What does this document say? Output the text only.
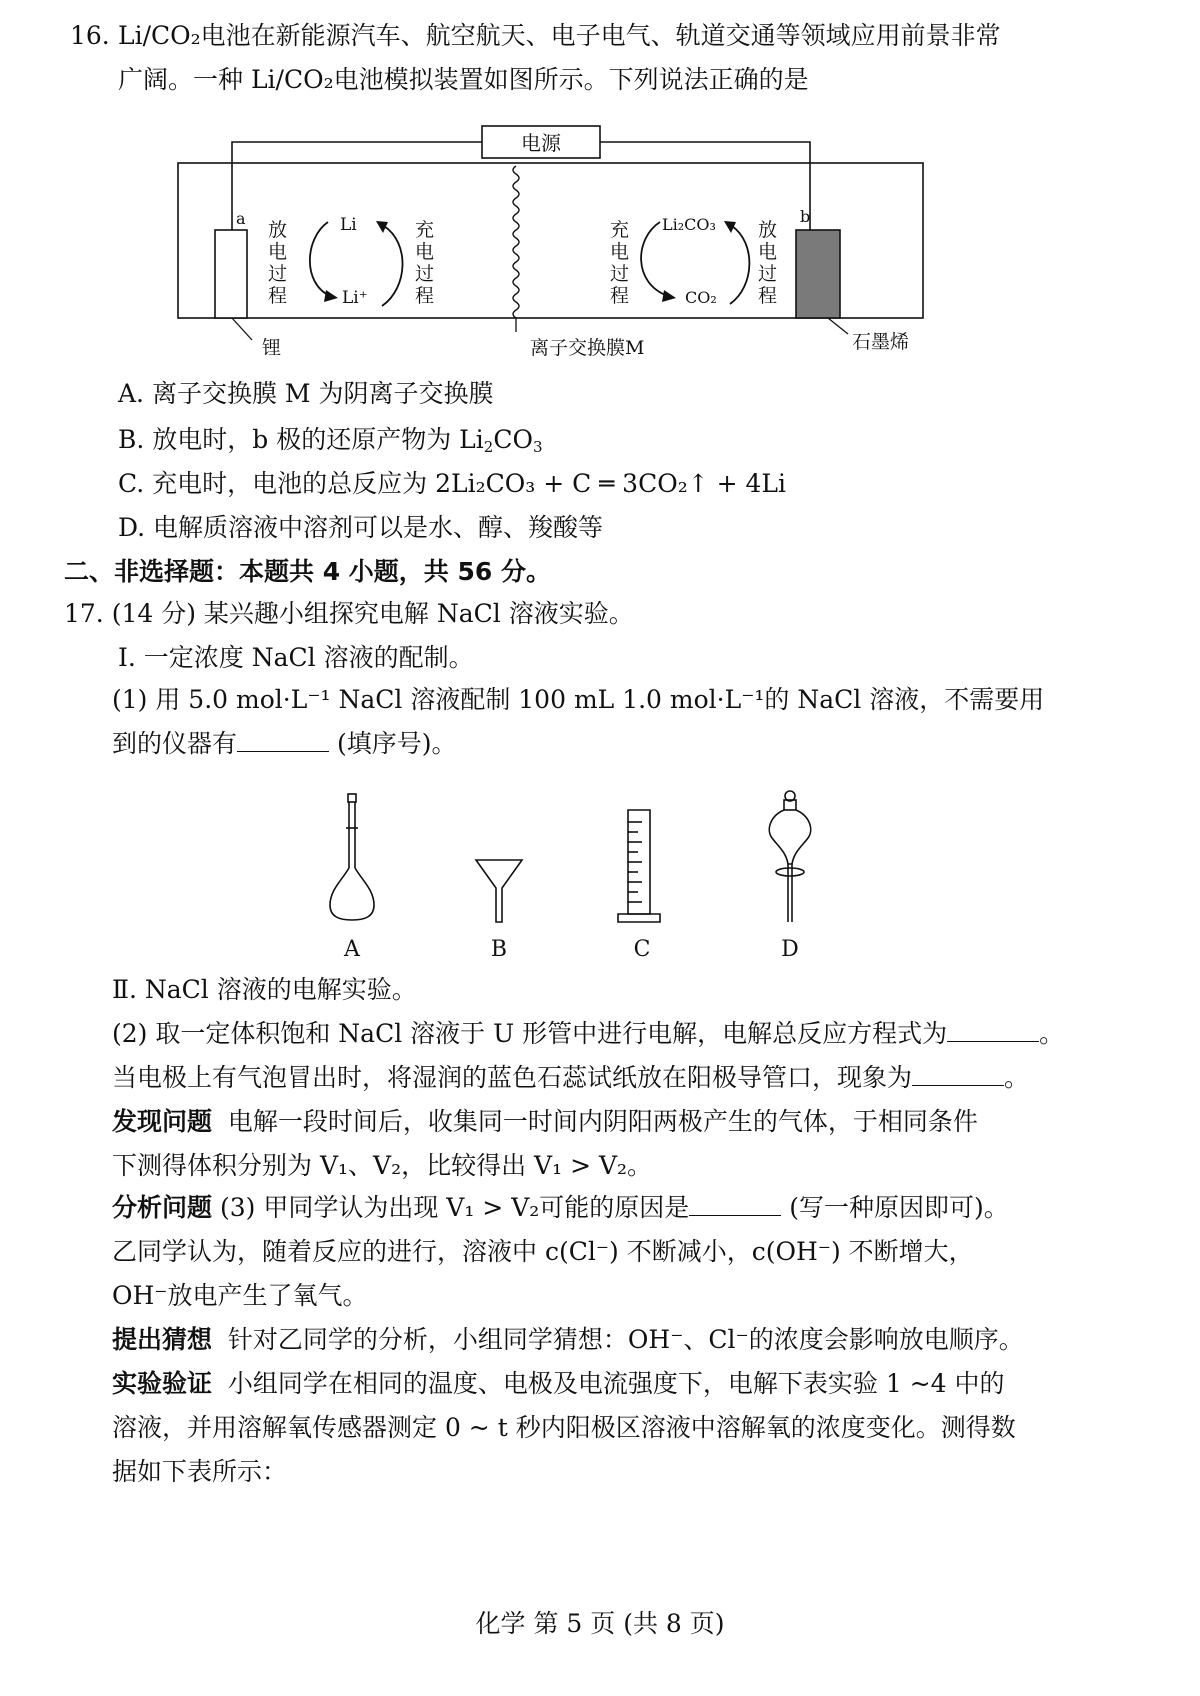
16. Li/CO₂电池在新能源汽车、航空航天、电子电气、轨道交通等领域应用前景非常
广阔。一种 Li/CO₂电池模拟装置如图所示。下列说法正确的是
电源
a	b
放电过程
充电过程
Li
Li⁺
充电过程
放电过程
Li₂CO₃
CO₂
锂	离子交换膜M	石墨烯
A. 离子交换膜 M 为阴离子交换膜
B. 放电时，b 极的还原产物为 $Li_2CO_3$
C. 充电时，电池的总反应为 2Li₂CO₃ + C ═ 3CO₂↑ + 4Li
D. 电解质溶液中溶剂可以是水、醇、羧酸等
二、非选择题：本题共 4 小题，共 56 分。
17. (14 分) 某兴趣小组探究电解 NaCl 溶液实验。
Ⅰ. 一定浓度 NaCl 溶液的配制。
(1) 用 5.0 mol·L⁻¹ NaCl 溶液配制 100 mL 1.0 mol·L⁻¹的 NaCl 溶液，不需要用
到的仪器有	(填序号)。
A	B	C	D
Ⅱ. NaCl 溶液的电解实验。
(2) 取一定体积饱和 NaCl 溶液于 U 形管中进行电解，电解总反应方程式为	。
当电极上有气泡冒出时，将湿润的蓝色石蕊试纸放在阳极导管口，现象为	。
发现问题 电解一段时间后，收集同一时间内阴阳两极产生的气体，于相同条件
下测得体积分别为 V₁、V₂，比较得出 V₁ > V₂。
分析问题 (3) 甲同学认为出现 V₁ > V₂可能的原因是	(写一种原因即可)。
乙同学认为，随着反应的进行，溶液中 c(Cl⁻) 不断减小，c(OH⁻) 不断增大，
OH⁻放电产生了氧气。
提出猜想 针对乙同学的分析，小组同学猜想：OH⁻、Cl⁻的浓度会影响放电顺序。
实验验证 小组同学在相同的温度、电极及电流强度下，电解下表实验 1 ~4 中的
溶液，并用溶解氧传感器测定 0 ~ t 秒内阳极区溶液中溶解氧的浓度变化。测得数
据如下表所示：
化学 第 5 页 (共 8 页)
